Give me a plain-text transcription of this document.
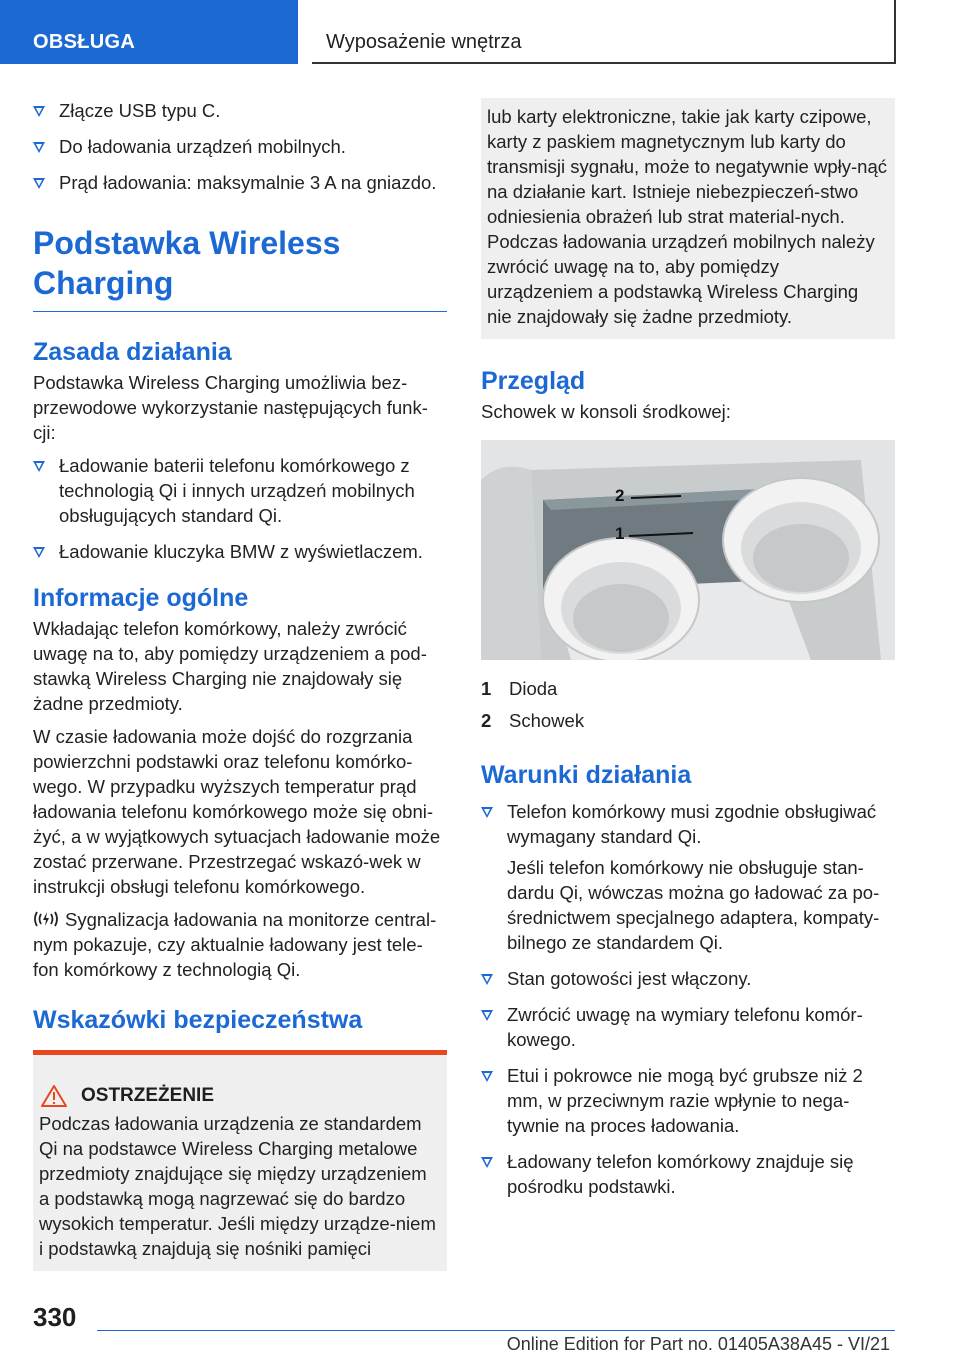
OBSŁUGA	Wyposażenie wnętrza
Złącze USB typu C.
Do ładowania urządzeń mobilnych.
Prąd ładowania: maksymalnie 3 A na gniazdo.
Podstawka Wireless Charging
Zasada działania

Podstawka Wireless Charging umożliwia bez-przewodowe wykorzystanie następujących funk-cji:

Ładowanie baterii telefonu komórkowego z technologią Qi i innych urządzeń mobilnych obsługujących standard Qi.
Ładowanie kluczyka BMW z wyświetlaczem.
Informacje ogólne

Wkładając telefon komórkowy, należy zwrócić uwagę na to, aby pomiędzy urządzeniem a pod-stawką Wireless Charging nie znajdowały się żadne przedmioty.

W czasie ładowania może dojść do rozgrzania powierzchni podstawki oraz telefonu komórko-wego. W przypadku wyższych temperatur prąd ładowania telefonu komórkowego może się obni-żyć, a w wyjątkowych sytuacjach ładowanie może zostać przerwane. Przestrzegać wskazó-wek w instrukcji obsługi telefonu komórkowego.

Sygnalizacja ładowania na monitorze central-nym pokazuje, czy aktualnie ładowany jest tele-fon komórkowy z technologią Qi.

Wskazówki bezpieczeństwa
OSTRZEŻENIE

Podczas ładowania urządzenia ze standardem Qi na podstawce Wireless Charging metalowe przedmioty znajdujące się między urządzeniem a podstawką mogą nagrzewać się do bardzo wysokich temperatur. Jeśli między urządze-niem i podstawką znajdują się nośniki pamięci

lub karty elektroniczne, takie jak karty czipowe, karty z paskiem magnetycznym lub karty do transmisji sygnału, może to negatywnie wpły-nąć na działanie kart. Istnieje niebezpieczeń-stwo odniesienia obrażeń lub strat material-nych. Podczas ładowania urządzeń mobilnych należy zwrócić uwagę na to, aby pomiędzy urządzeniem a podstawką Wireless Charging nie znajdowały się żadne przedmioty.

Przegląd

Schowek w konsoli środkowej:

2
1
1 Dioda
2 Schowek
Warunki działania
Telefon komórkowy musi zgodnie obsługiwać wymagany standard Qi.
Jeśli telefon komórkowy nie obsługuje stan-dardu Qi, wówczas można go ładować za po-średnictwem specjalnego adaptera, kompaty-bilnego ze standardem Qi.
Stan gotowości jest włączony.
Zwrócić uwagę na wymiary telefonu komór-kowego.
Etui i pokrowce nie mogą być grubsze niż 2 mm, w przeciwnym razie wpłynie to nega-tywnie na proces ładowania.
Ładowany telefon komórkowy znajduje się pośrodku podstawki.
330
Online Edition for Part no. 01405A38A45 - VI/21
